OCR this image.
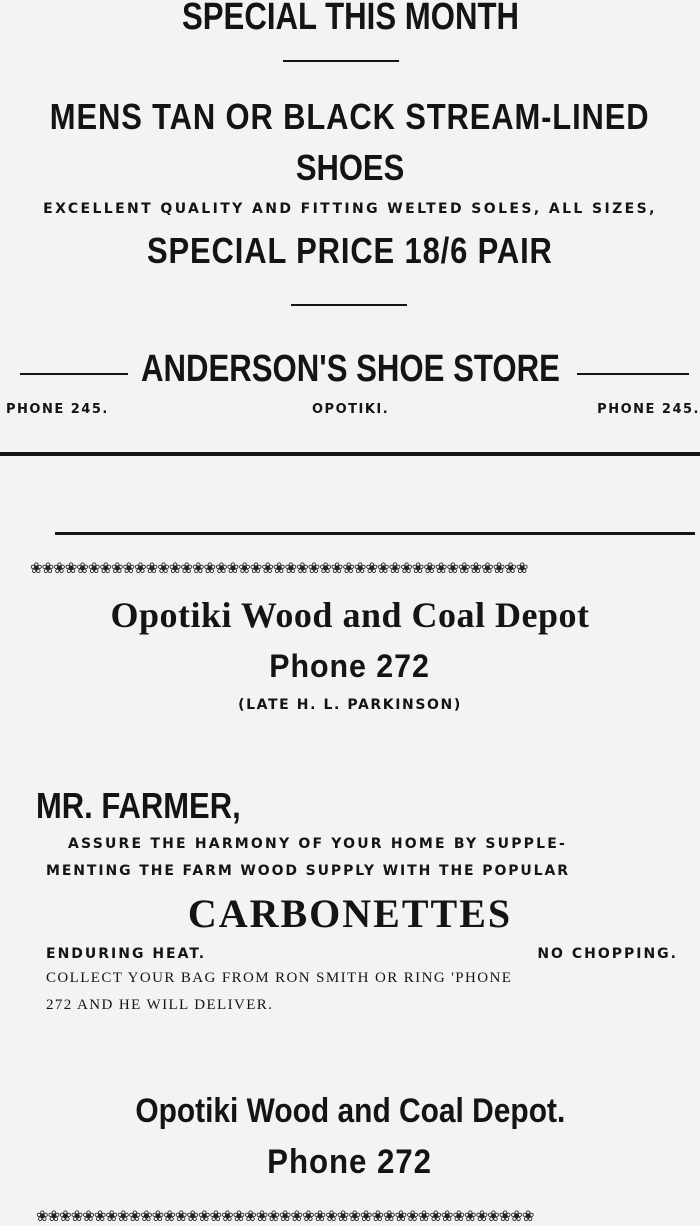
SPECIAL THIS MONTH
MENS TAN OR BLACK STREAM-LINED
SHOES
EXCELLENT QUALITY AND FITTING WELTED SOLES, ALL SIZES,
SPECIAL PRICE 18/6 PAIR
ANDERSON'S SHOE STORE
PHONE 245.	OPOTIKI.	PHONE 245.
❀❀❀❀❀❀❀❀❀❀❀❀❀❀❀❀❀❀❀❀❀❀❀❀❀❀❀❀❀❀❀❀❀❀❀❀❀❀❀❀❀❀❀
Opotiki Wood and Coal Depot
Phone 272
(LATE H. L. PARKINSON)
MR. FARMER,
ASSURE THE HARMONY OF YOUR HOME BY SUPPLE-
MENTING THE FARM WOOD SUPPLY WITH THE POPULAR
CARBONETTES
ENDURING HEAT.	NO CHOPPING.
COLLECT YOUR BAG FROM RON SMITH OR RING 'PHONE
272 AND HE WILL DELIVER.
Opotiki Wood and Coal Depot.
Phone 272
❀❀❀❀❀❀❀❀❀❀❀❀❀❀❀❀❀❀❀❀❀❀❀❀❀❀❀❀❀❀❀❀❀❀❀❀❀❀❀❀❀❀❀
